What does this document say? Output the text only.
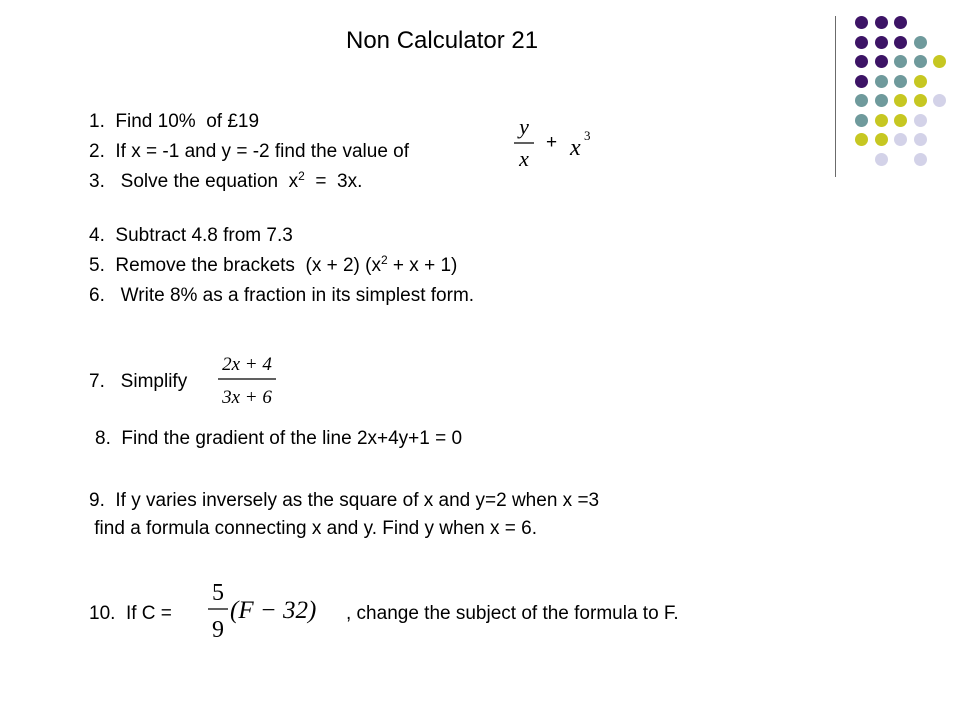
Non Calculator 21
1.  Find 10%  of £19
2.  If x = -1 and y = -2 find the value of
y
x
+ x 3
3.   Solve the equation  $x^2 = 3x$.
4.  Subtract 4.8 from 7.3
5.  Remove the brackets  (x + 2) $(x^2 + x + 1)$
6.   Write 8% as a fraction in its simplest form.
7.   Simplify
2x + 4
3x + 6
8.  Find the gradient of the line 2x+4y+1 = 0
9.  If y varies inversely as the square of x and y=2 when x =3
find a formula connecting x and y. Find y when x = 6.
10.  If C =
5
9
(F − 32) , change the subject of the formula to F.
